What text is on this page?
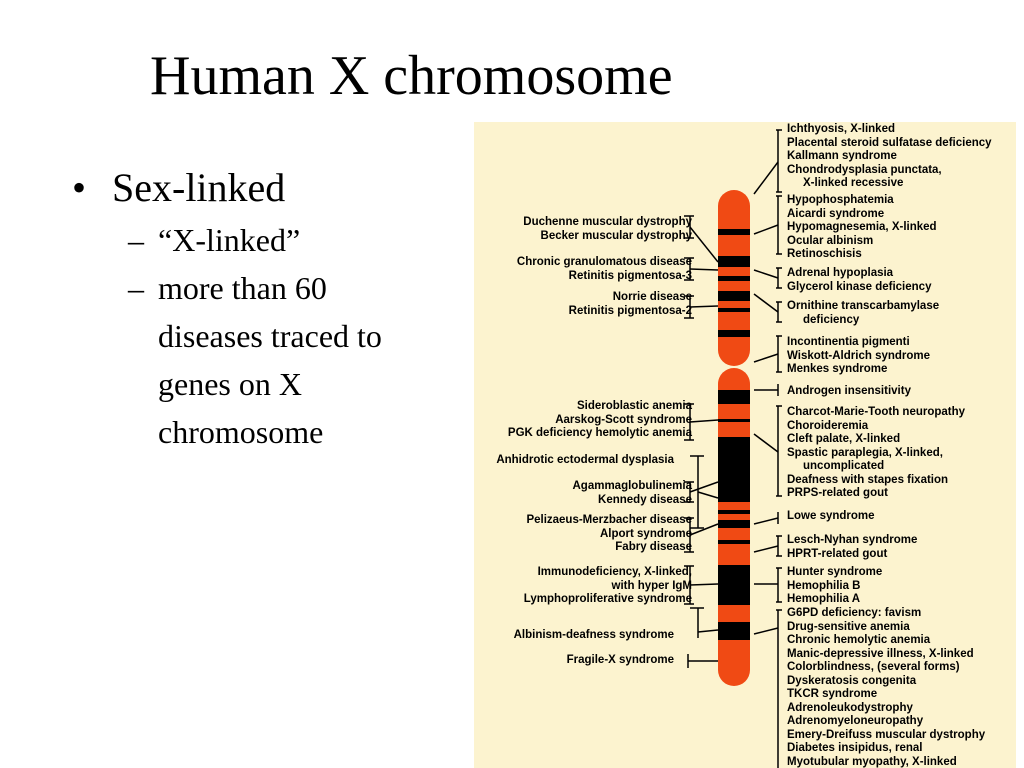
Human X chromosome
• Sex-linked
– “X-linked”
– more than 60 diseases traced to genes on X chromosome
Duchenne muscular dystrophy
Becker muscular dystrophy
Chronic granulomatous disease
Retinitis pigmentosa-3
Norrie disease
Retinitis pigmentosa-2
Sideroblastic anemia
Aarskog-Scott syndrome
PGK deficiency hemolytic anemia
Anhidrotic ectodermal dysplasia
Agammaglobulinemia
Kennedy disease
Pelizaeus-Merzbacher disease
Alport syndrome
Fabry disease
Immunodeficiency, X-linked,
with hyper IgM
Lymphoproliferative syndrome
Albinism-deafness syndrome
Fragile-X syndrome
Ichthyosis, X-linked
Placental steroid sulfatase deficiency
Kallmann syndrome
Chondrodysplasia punctata,
X-linked recessive
Hypophosphatemia
Aicardi syndrome
Hypomagnesemia, X-linked
Ocular albinism
Retinoschisis
Adrenal hypoplasia
Glycerol kinase deficiency
Ornithine transcarbamylase
deficiency
Incontinentia pigmenti
Wiskott-Aldrich syndrome
Menkes syndrome
Androgen insensitivity
Charcot-Marie-Tooth neuropathy
Choroideremia
Cleft palate, X-linked
Spastic paraplegia, X-linked,
uncomplicated
Deafness with stapes fixation
PRPS-related gout
Lowe syndrome
Lesch-Nyhan syndrome
HPRT-related gout
Hunter syndrome
Hemophilia B
Hemophilia A
G6PD deficiency: favism
Drug-sensitive anemia
Chronic hemolytic anemia
Manic-depressive illness, X-linked
Colorblindness, (several forms)
Dyskeratosis congenita
TKCR syndrome
Adrenoleukodystrophy
Adrenomyeloneuropathy
Emery-Dreifuss muscular dystrophy
Diabetes insipidus, renal
Myotubular myopathy, X-linked
